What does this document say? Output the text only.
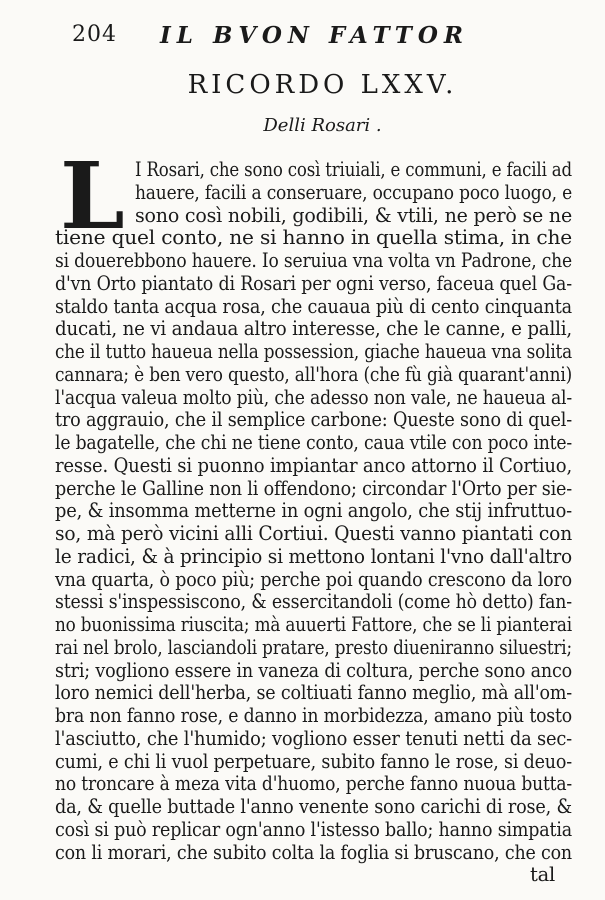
204 IL BVON FATTOR
RICORDO LXXV.
Delli Rosari .
L I Rosari, che sono così triuiali, e communi, e facili ad
hauere, facili a conseruare, occupano poco luogo, e
sono così nobili, godibili, & vtili, ne però se ne
tiene quel conto, ne si hanno in quella stima, in che
si douerebbono hauere. Io seruiua vna volta vn Padrone, che
d'vn Orto piantato di Rosari per ogni verso, faceua quel Ga-
staldo tanta acqua rosa, che cauaua più di cento cinquanta
ducati, ne vi andaua altro interesse, che le canne, e palli,
che il tutto haueua nella possession, giache haueua vna solita
cannara; è ben vero questo, all'hora (che fù già quarant'anni)
l'acqua valeua molto più, che adesso non vale, ne haueua al-
tro aggrauio, che il semplice carbone: Queste sono di quel-
le bagatelle, che chi ne tiene conto, caua vtile con poco inte-
resse. Questi si puonno impiantar anco attorno il Cortiuo,
perche le Galline non li offendono; circondar l'Orto per sie-
pe, & insomma metterne in ogni angolo, che stij infruttuo-
so, mà però vicini alli Cortiui. Questi vanno piantati con
le radici, & à principio si mettono lontani l'vno dall'altro
vna quarta, ò poco più; perche poi quando crescono da loro
stessi s'inspessiscono, & essercitandoli (come hò detto) fan-
no buonissima riuscita; mà auuerti Fattore, che se li pianterai
rai nel brolo, lasciandoli pratare, presto diueniranno siluestri;
stri; vogliono essere in vaneza di coltura, perche sono anco
loro nemici dell'herba, se coltiuati fanno meglio, mà all'om-
bra non fanno rose, e danno in morbidezza, amano più tosto
l'asciutto, che l'humido; vogliono esser tenuti netti da sec-
cumi, e chi li vuol perpetuare, subito fanno le rose, si deuo-
no troncare à meza vita d'huomo, perche fanno nuoua butta-
da, & quelle buttade l'anno venente sono carichi di rose, &
così si può replicar ogn'anno l'istesso ballo; hanno simpatia
con li morari, che subito colta la foglia si bruscano, che con
tal
